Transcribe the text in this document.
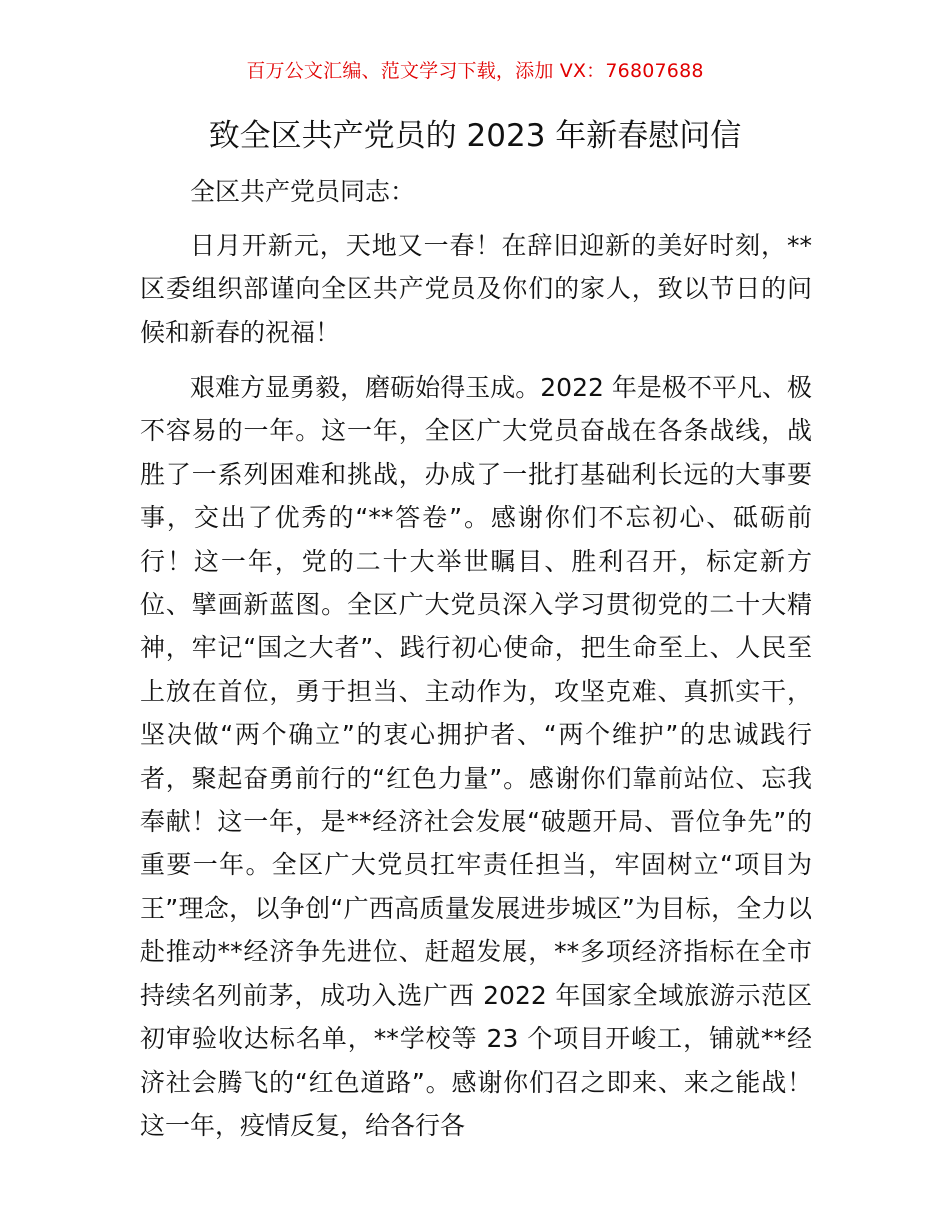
百万公文汇编、范文学习下载，添加 VX：76807688
致全区共产党员的 2023 年新春慰问信

全区共产党员同志：

日月开新元，天地又一春！在辞旧迎新的美好时刻，**区委组织部谨向全区共产党员及你们的家人，致以节日的问候和新春的祝福！

艰难方显勇毅，磨砺始得玉成。2022 年是极不平凡、极不容易的一年。这一年，全区广大党员奋战在各条战线，战胜了一系列困难和挑战，办成了一批打基础利长远的大事要事，交出了优秀的“**答卷”。感谢你们不忘初心、砥砺前行！这一年，党的二十大举世瞩目、胜利召开，标定新方位、擘画新蓝图。全区广大党员深入学习贯彻党的二十大精神，牢记“国之大者”、践行初心使命，把生命至上、人民至上放在首位，勇于担当、主动作为，攻坚克难、真抓实干，坚决做“两个确立”的衷心拥护者、“两个维护”的忠诚践行者，聚起奋勇前行的“红色力量”。感谢你们靠前站位、忘我奉献！这一年，是**经济社会发展“破题开局、晋位争先”的重要一年。全区广大党员扛牢责任担当，牢固树立“项目为王”理念，以争创“广西高质量发展进步城区”为目标，全力以赴推动**经济争先进位、赶超发展，**多项经济指标在全市持续名列前茅，成功入选广西 2022 年国家全域旅游示范区初审验收达标名单，**学校等 23 个项目开峻工，铺就**经济社会腾飞的“红色道路”。感谢你们召之即来、来之能战！这一年，疫情反复，给各行各
